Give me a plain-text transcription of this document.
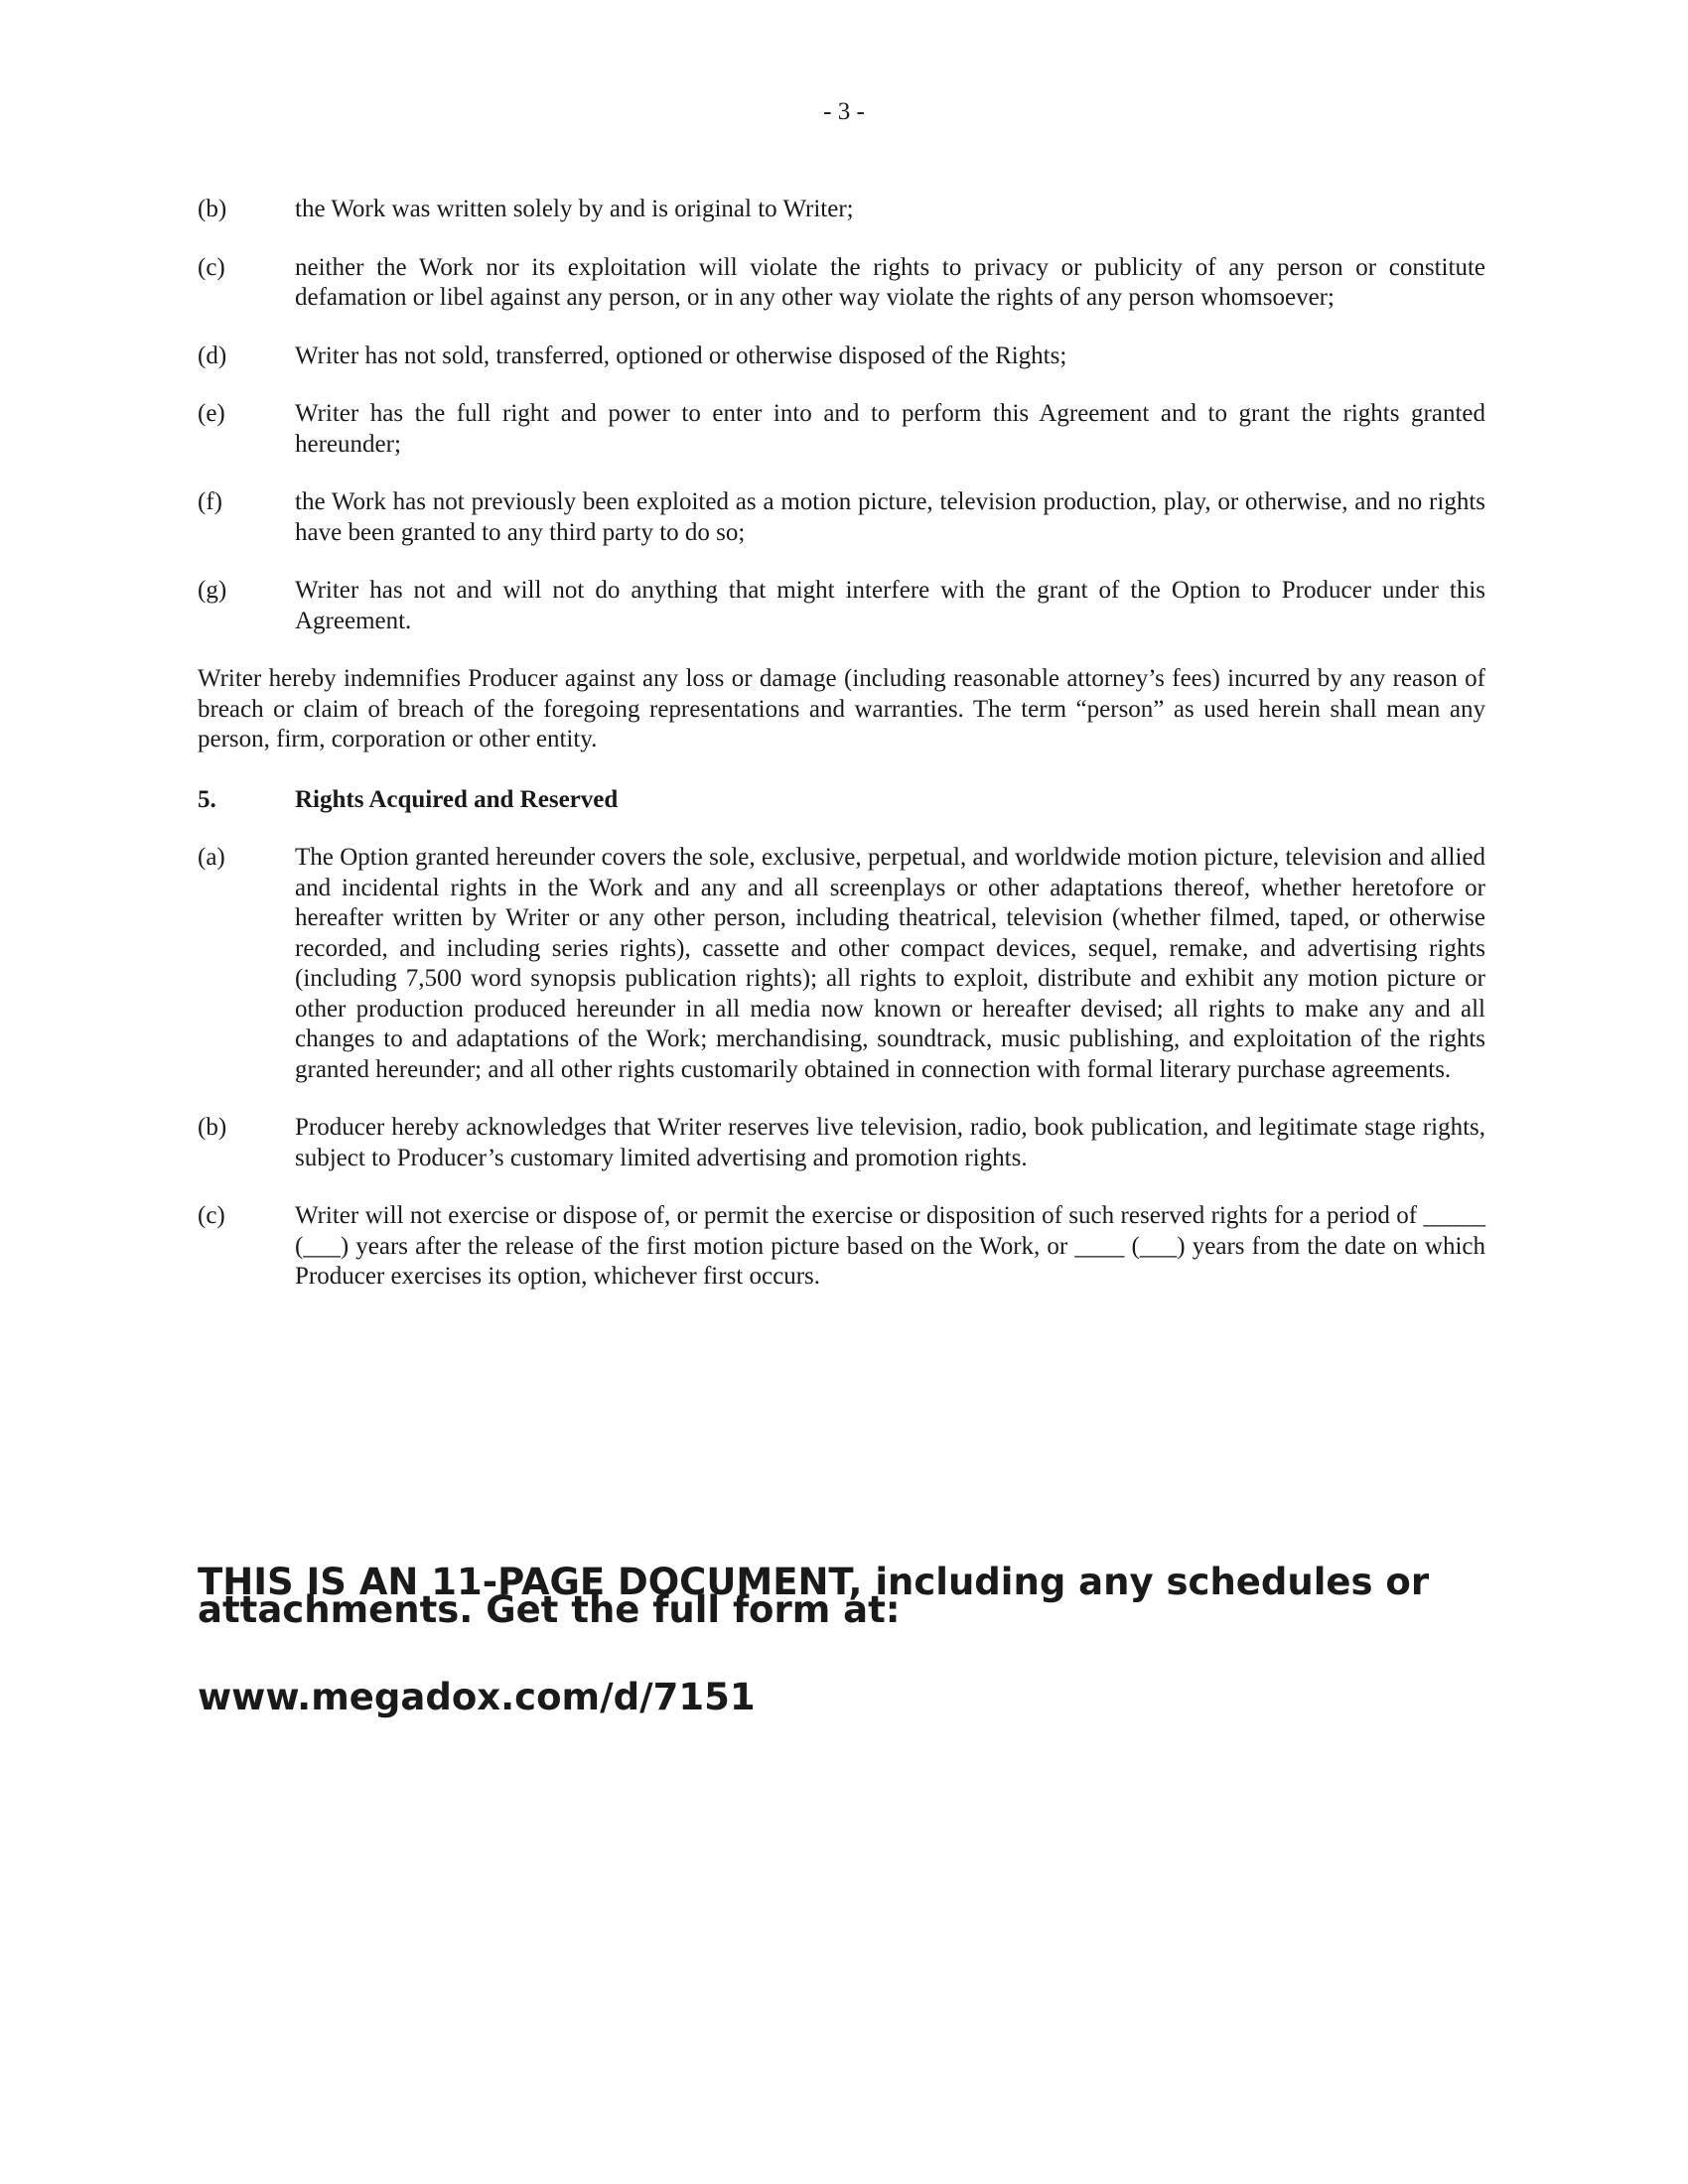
- 3 -
(b)	the Work was written solely by and is original to Writer;
(c)	neither the Work nor its exploitation will violate the rights to privacy or publicity of any person or constitute defamation or libel against any person, or in any other way violate the rights of any person whomsoever;
(d)	Writer has not sold, transferred, optioned or otherwise disposed of the Rights;
(e)	Writer has the full right and power to enter into and to perform this Agreement and to grant the rights granted hereunder;
(f)	the Work has not previously been exploited as a motion picture, television production, play, or otherwise, and no rights have been granted to any third party to do so;
(g)	Writer has not and will not do anything that might interfere with the grant of the Option to Producer under this Agreement.

Writer hereby indemnifies Producer against any loss or damage (including reasonable attorney’s fees) incurred by any reason of breach or claim of breach of the foregoing representations and warranties. The term “person” as used herein shall mean any person, firm, corporation or other entity.

5.	Rights Acquired and Reserved
(a)	The Option granted hereunder covers the sole, exclusive, perpetual, and worldwide motion picture, television and allied and incidental rights in the Work and any and all screenplays or other adaptations thereof, whether heretofore or hereafter written by Writer or any other person, including theatrical, television (whether filmed, taped, or otherwise recorded, and including series rights), cassette and other compact devices, sequel, remake, and advertising rights (including 7,500 word synopsis publication rights); all rights to exploit, distribute and exhibit any motion picture or other production produced hereunder in all media now known or hereafter devised; all rights to make any and all changes to and adaptations of the Work; merchandising, soundtrack, music publishing, and exploitation of the rights granted hereunder; and all other rights customarily obtained in connection with formal literary purchase agreements.
(b)	Producer hereby acknowledges that Writer reserves live television, radio, book publication, and legitimate stage rights, subject to Producer’s customary limited advertising and promotion rights.
(c)	Writer will not exercise or dispose of, or permit the exercise or disposition of such reserved rights for a period of _____ (___) years after the release of the first motion picture based on the Work, or ____ (___) years from the date on which Producer exercises its option, whichever first occurs.
THIS IS AN 11-PAGE DOCUMENT, including any schedules or attachments. Get the full form at:
www.megadox.com/d/7151
